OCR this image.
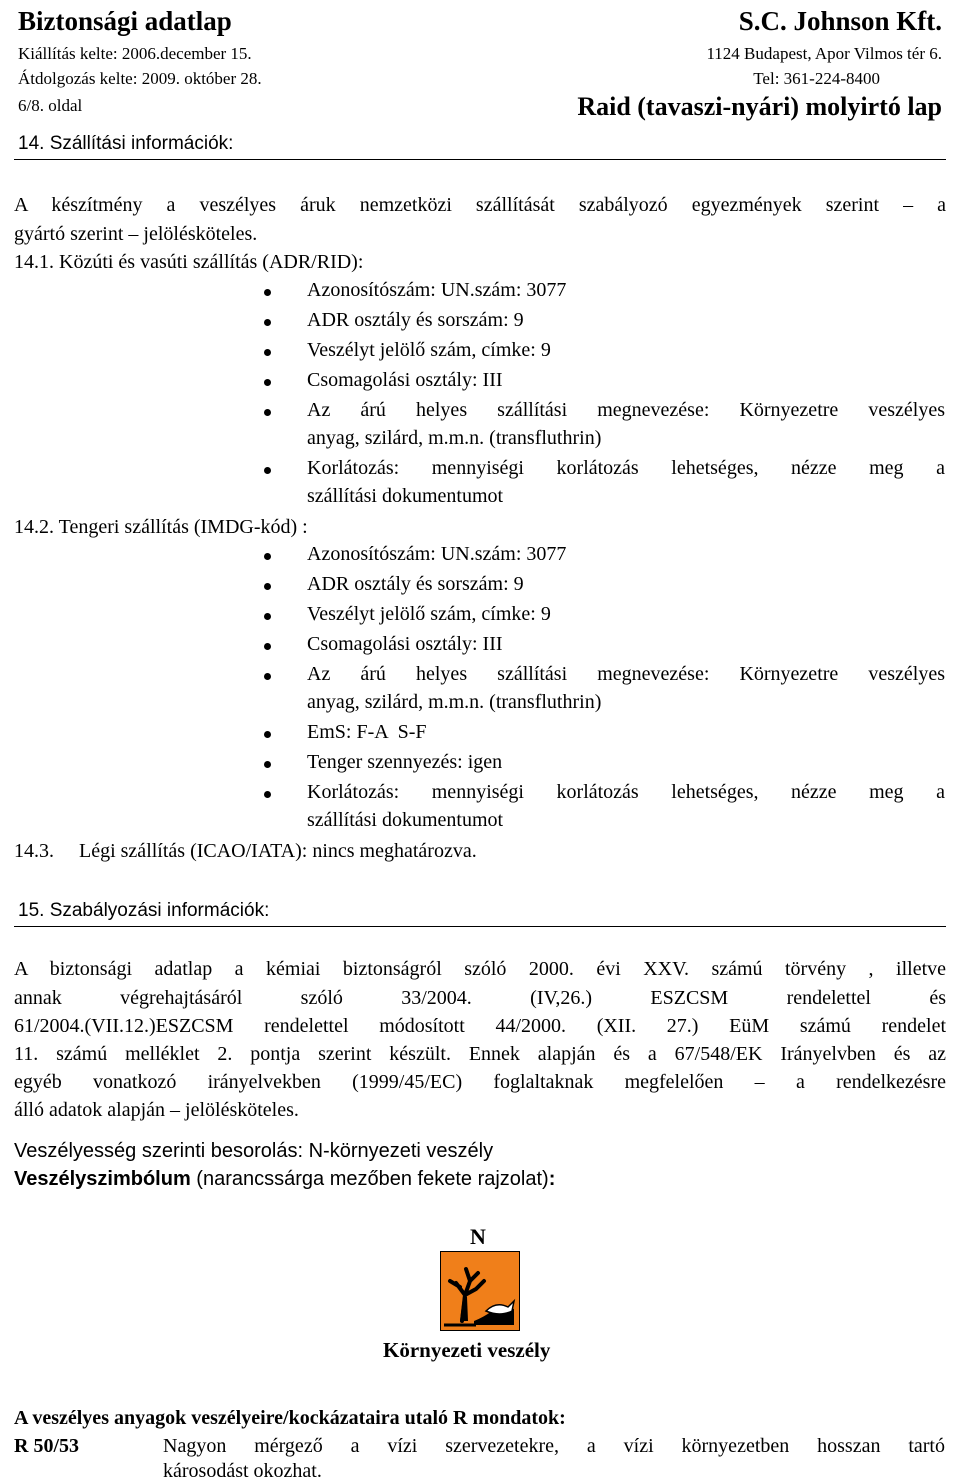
Biztonsági adatlap
Kiállítás kelte: 2006.december 15.
Átdolgozás kelte: 2009. október 28.
6/8. oldal
S.C. Johnson Kft.
1124 Budapest, Apor Vilmos tér 6.
Tel: 361-224-8400
Raid (tavaszi-nyári) molyirtó lap
14. Szállítási információk:
A készítmény a veszélyes áruk nemzetközi szállítását szabályozó egyezmények szerint – a
gyártó szerint – jelölésköteles.
14.1. Közúti és vasúti szállítás (ADR/RID):
Azonosítószám: UN.szám: 3077
ADR osztály és sorszám: 9
Veszélyt jelölő szám, címke: 9
Csomagolási osztály: III
Az árú helyes szállítási megnevezése: Környezetre veszélyes
anyag, szilárd, m.m.n. (transfluthrin)
Korlátozás: mennyiségi korlátozás lehetséges, nézze meg a
szállítási dokumentumot
14.2. Tengeri szállítás (IMDG-kód) :
Azonosítószám: UN.szám: 3077
ADR osztály és sorszám: 9
Veszélyt jelölő szám, címke: 9
Csomagolási osztály: III
Az árú helyes szállítási megnevezése: Környezetre veszélyes
anyag, szilárd, m.m.n. (transfluthrin)
EmS: F-A  S-F
Tenger szennyezés: igen
Korlátozás: mennyiségi korlátozás lehetséges, nézze meg a
szállítási dokumentumot
14.3. Légi szállítás (ICAO/IATA): nincs meghatározva.
15. Szabályozási információk:
A biztonsági adatlap a kémiai biztonságról szóló 2000. évi XXV. számú törvény , illetve
annak végrehajtásáról szóló 33/2004. (IV,26.) ESZCSM rendelettel és
61/2004.(VII.12.)ESZCSM rendelettel módosított 44/2000. (XII. 27.) EüM számú rendelet
11. számú melléklet 2. pontja szerint készült. Ennek alapján és a 67/548/EK Irányelvben és az
egyéb vonatkozó irányelvekben (1999/45/EC) foglaltaknak megfelelően – a rendelkezésre
álló adatok alapján – jelölésköteles.
Veszélyesség szerinti besorolás: N-környezeti veszély
Veszélyszimbólum (narancssárga mezőben fekete rajzolat):
N
Környezeti veszély
A veszélyes anyagok veszélyeire/kockázataira utaló R mondatok:
R 50/53	Nagyon mérgező a vízi szervezetekre, a vízi környezetben hosszan tartó
károsodást okozhat.
